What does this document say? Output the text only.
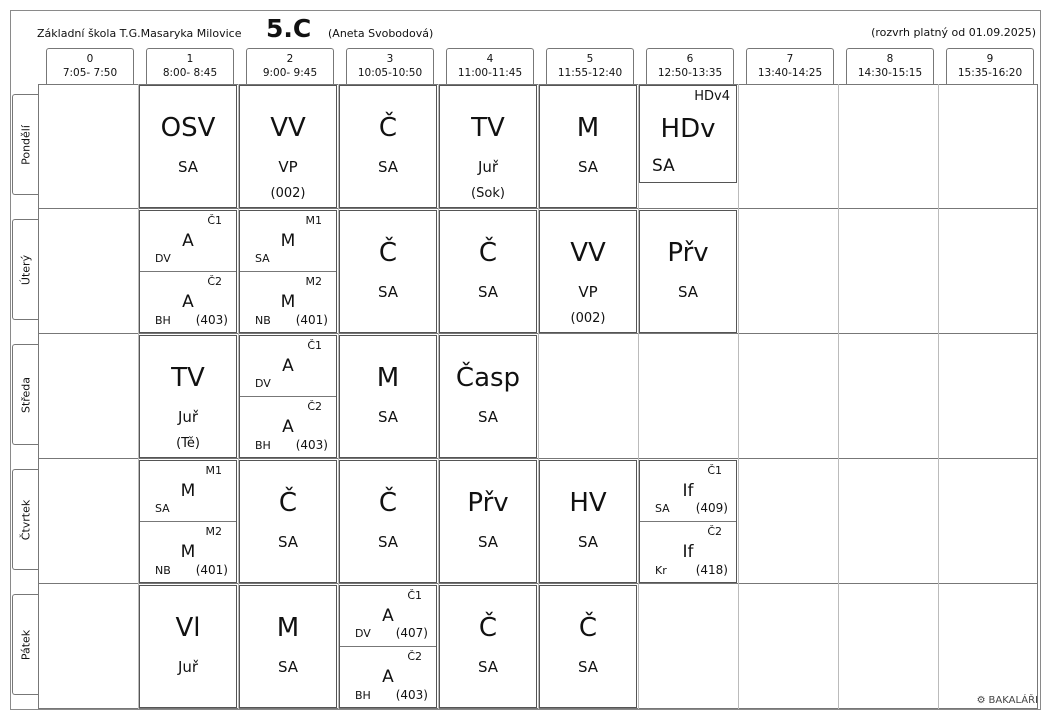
Základní škola T.G.Masaryka Milovice 5.C (Aneta Svobodová)	(rozvrh platný od 01.09.2025)
0
7:05- 7:50
1
8:00- 8:45
2
9:00- 9:45
3
10:05-10:50
4
11:00-11:45
5
11:55-12:40
6
12:50-13:35
7
13:40-14:25
8
14:30-15:15
9
15:35-16:20
Pondělí
Úterý
Středa
Čtvrtek
Pátek
OSV
SA
VV
VP
(002)
Č
SA
TV
Juř
(Sok)
M
SA
HDv4
HDv
SA
Č1
A
DV
Č2
A
BH (403)
M1
M
SA
M2
M
NB (401)
Č
SA
Č
SA
VV
VP
(002)
Přv
SA
TV
Juř
(Tě)
Č1
A
DV
Č2
A
BH (403)
M
SA
Časp
SA
M1
M
SA
M2
M
NB (401)
Č
SA
Č
SA
Přv
SA
HV
SA
Č1
If
SA (409)
Č2
If
Kr (418)
Vl
Juř
M
SA
Č1
A
DV (407)
Č2
A
BH (403)
Č
SA
Č
SA
⚙ BAKALÁŘI
